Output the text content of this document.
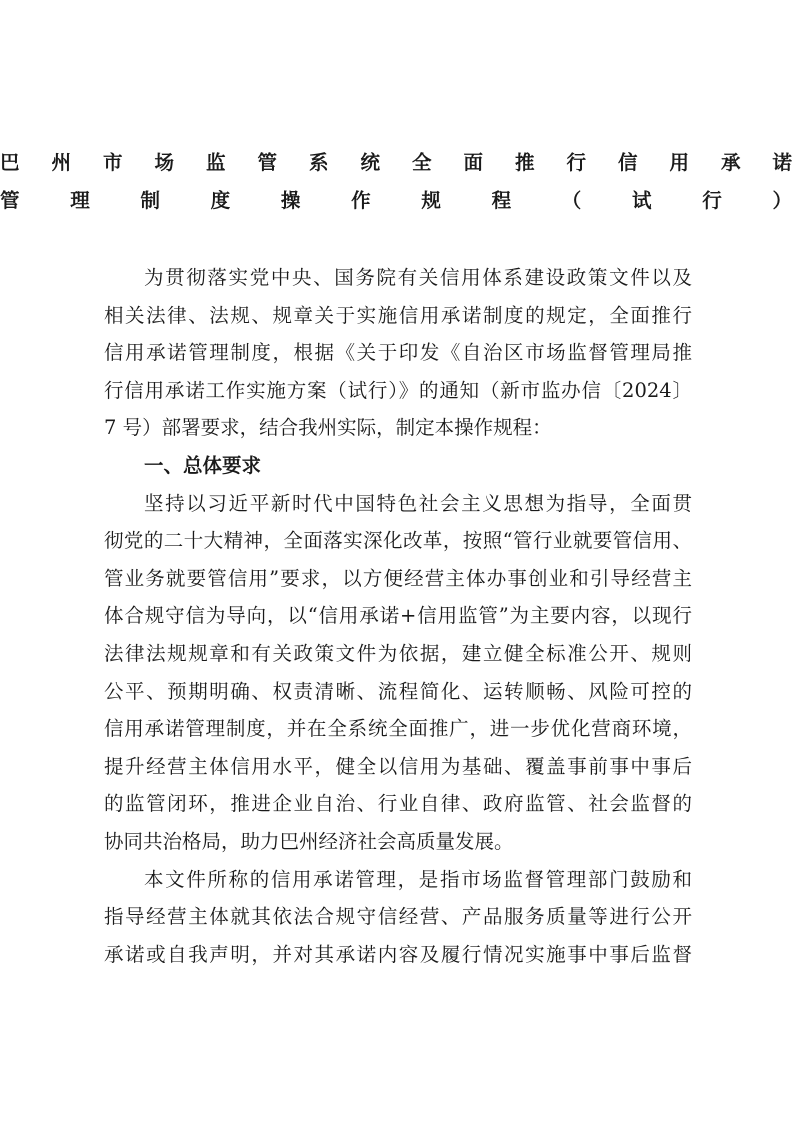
巴州市场监管系统全面推行信用承诺
管理制度操作规程（试行）
为贯彻落实党中央、国务院有关信用体系建设政策文件以及
相关法律、法规、规章关于实施信用承诺制度的规定，全面推行
信用承诺管理制度，根据《关于印发《自治区市场监督管理局推
行信用承诺工作实施方案（试行）》的通知（新市监办信〔2024〕
7 号）部署要求，结合我州实际，制定本操作规程：
一、总体要求
坚持以习近平新时代中国特色社会主义思想为指导，全面贯
彻党的二十大精神，全面落实深化改革，按照“管行业就要管信用、
管业务就要管信用”要求，以方便经营主体办事创业和引导经营主
体合规守信为导向，以“信用承诺+信用监管”为主要内容，以现行
法律法规规章和有关政策文件为依据，建立健全标准公开、规则
公平、预期明确、权责清晰、流程简化、运转顺畅、风险可控的
信用承诺管理制度，并在全系统全面推广，进一步优化营商环境，
提升经营主体信用水平，健全以信用为基础、覆盖事前事中事后
的监管闭环，推进企业自治、行业自律、政府监管、社会监督的
协同共治格局，助力巴州经济社会高质量发展。
本文件所称的信用承诺管理，是指市场监督管理部门鼓励和
指导经营主体就其依法合规守信经营、产品服务质量等进行公开
承诺或自我声明，并对其承诺内容及履行情况实施事中事后监督
